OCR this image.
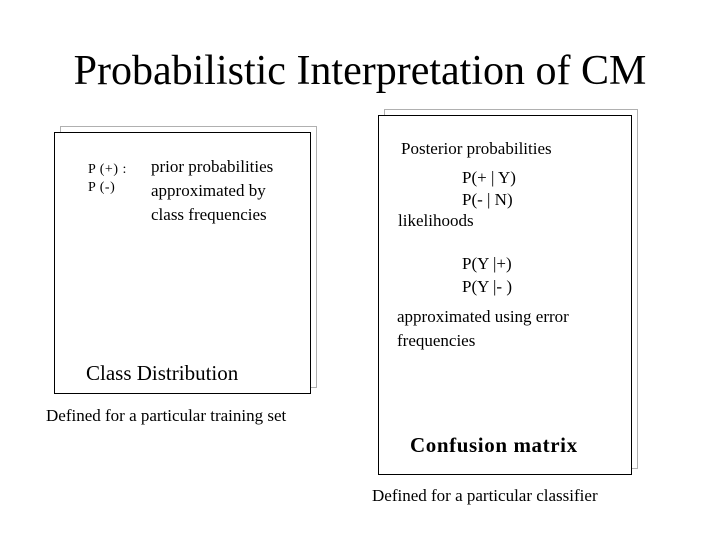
Probabilistic Interpretation of CM
P (+) :
P (-)
prior probabilities
approximated by
class frequencies
Class Distribution
Defined for a particular training set
Posterior probabilities
P(+ | Y)
P(- | N)
likelihoods
P(Y |+)
P(Y |- )
approximated using error
frequencies
Confusion matrix
Defined for a particular classifier
